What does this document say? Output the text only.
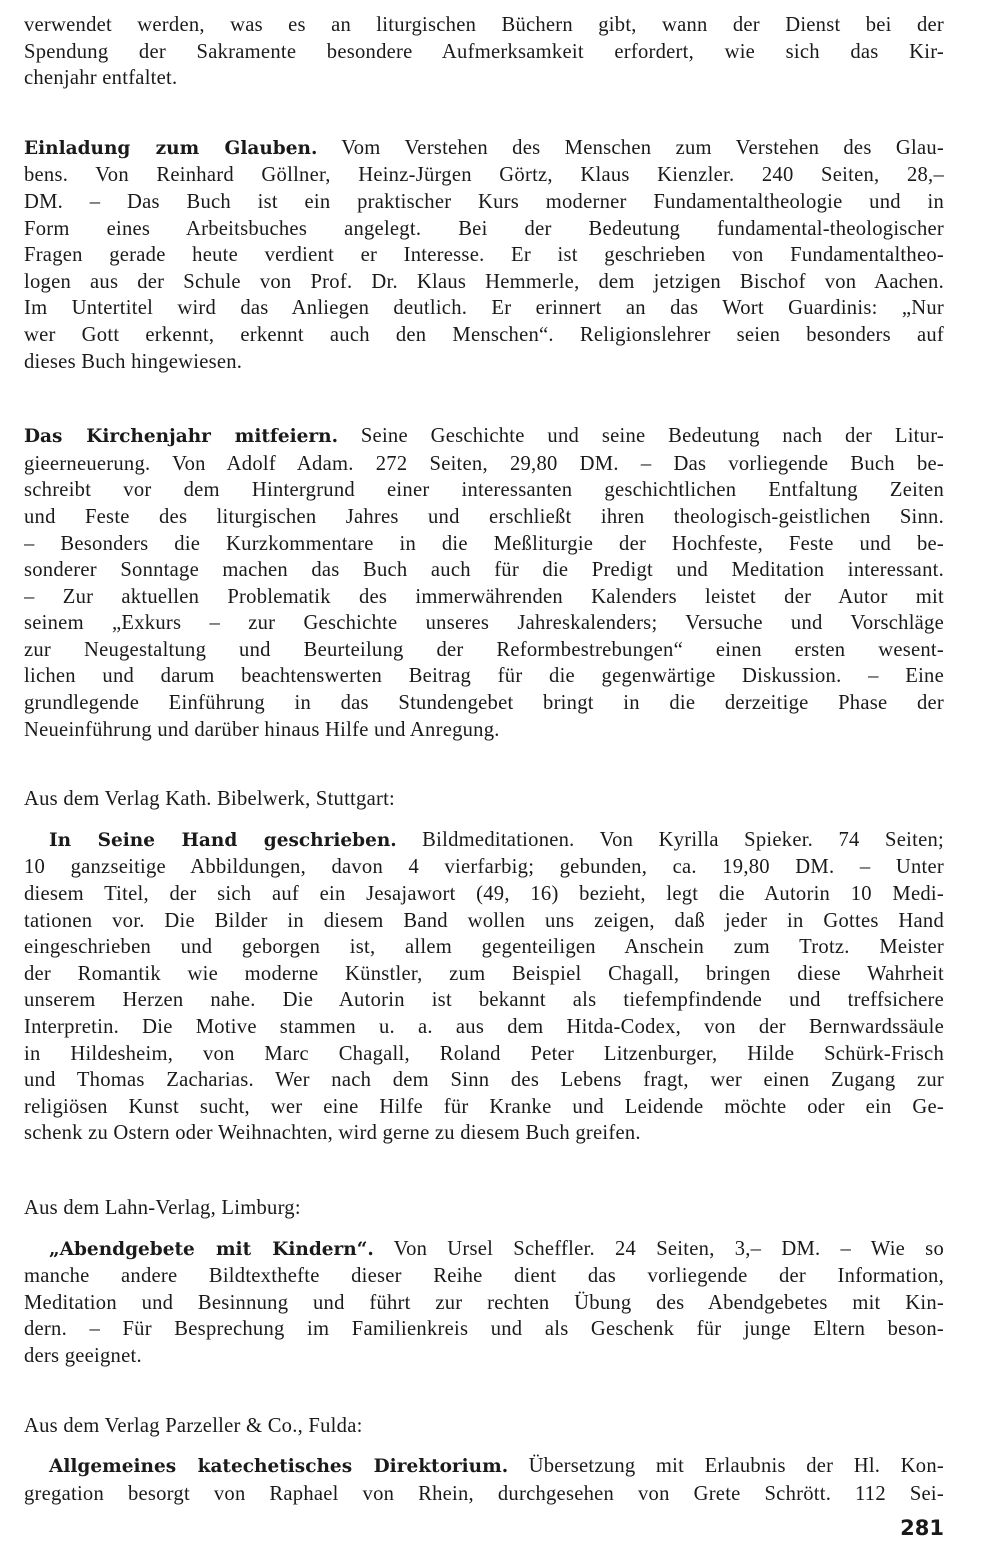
verwendet werden, was es an liturgischen Büchern gibt, wann der Dienst bei der
Spendung der Sakramente besondere Aufmerksamkeit erfordert, wie sich das Kir-
chenjahr entfaltet.
Einladung zum Glauben. Vom Verstehen des Menschen zum Verstehen des Glau-
bens. Von Reinhard Göllner, Heinz-Jürgen Görtz, Klaus Kienzler. 240 Seiten, 28,–
DM. – Das Buch ist ein praktischer Kurs moderner Fundamentaltheologie und in
Form eines Arbeitsbuches angelegt. Bei der Bedeutung fundamental-theologischer
Fragen gerade heute verdient er Interesse. Er ist geschrieben von Fundamentaltheo-
logen aus der Schule von Prof. Dr. Klaus Hemmerle, dem jetzigen Bischof von Aachen.
Im Untertitel wird das Anliegen deutlich. Er erinnert an das Wort Guardinis: „Nur
wer Gott erkennt, erkennt auch den Menschen“. Religionslehrer seien besonders auf
dieses Buch hingewiesen.
Das Kirchenjahr mitfeiern. Seine Geschichte und seine Bedeutung nach der Litur-
gieerneuerung. Von Adolf Adam. 272 Seiten, 29,80 DM. – Das vorliegende Buch be-
schreibt vor dem Hintergrund einer interessanten geschichtlichen Entfaltung Zeiten
und Feste des liturgischen Jahres und erschließt ihren theologisch-geistlichen Sinn.
– Besonders die Kurzkommentare in die Meßliturgie der Hochfeste, Feste und be-
sonderer Sonntage machen das Buch auch für die Predigt und Meditation interessant.
– Zur aktuellen Problematik des immerwährenden Kalenders leistet der Autor mit
seinem „Exkurs – zur Geschichte unseres Jahreskalenders; Versuche und Vorschläge
zur Neugestaltung und Beurteilung der Reformbestrebungen“ einen ersten wesent-
lichen und darum beachtenswerten Beitrag für die gegenwärtige Diskussion. – Eine
grundlegende Einführung in das Stundengebet bringt in die derzeitige Phase der
Neueinführung und darüber hinaus Hilfe und Anregung.
Aus dem Verlag Kath. Bibelwerk, Stuttgart:
In Seine Hand geschrieben. Bildmeditationen. Von Kyrilla Spieker. 74 Seiten;
10 ganzseitige Abbildungen, davon 4 vierfarbig; gebunden, ca. 19,80 DM. – Unter
diesem Titel, der sich auf ein Jesajawort (49, 16) bezieht, legt die Autorin 10 Medi-
tationen vor. Die Bilder in diesem Band wollen uns zeigen, daß jeder in Gottes Hand
eingeschrieben und geborgen ist, allem gegenteiligen Anschein zum Trotz. Meister
der Romantik wie moderne Künstler, zum Beispiel Chagall, bringen diese Wahrheit
unserem Herzen nahe. Die Autorin ist bekannt als tiefempfindende und treffsichere
Interpretin. Die Motive stammen u. a. aus dem Hitda-Codex, von der Bernwardssäule
in Hildesheim, von Marc Chagall, Roland Peter Litzenburger, Hilde Schürk-Frisch
und Thomas Zacharias. Wer nach dem Sinn des Lebens fragt, wer einen Zugang zur
religiösen Kunst sucht, wer eine Hilfe für Kranke und Leidende möchte oder ein Ge-
schenk zu Ostern oder Weihnachten, wird gerne zu diesem Buch greifen.
Aus dem Lahn-Verlag, Limburg:
„Abendgebete mit Kindern“. Von Ursel Scheffler. 24 Seiten, 3,– DM. – Wie so
manche andere Bildtexthefte dieser Reihe dient das vorliegende der Information,
Meditation und Besinnung und führt zur rechten Übung des Abendgebetes mit Kin-
dern. – Für Besprechung im Familienkreis und als Geschenk für junge Eltern beson-
ders geeignet.
Aus dem Verlag Parzeller & Co., Fulda:
Allgemeines katechetisches Direktorium. Übersetzung mit Erlaubnis der Hl. Kon-
gregation besorgt von Raphael von Rhein, durchgesehen von Grete Schrött. 112 Sei-
281
